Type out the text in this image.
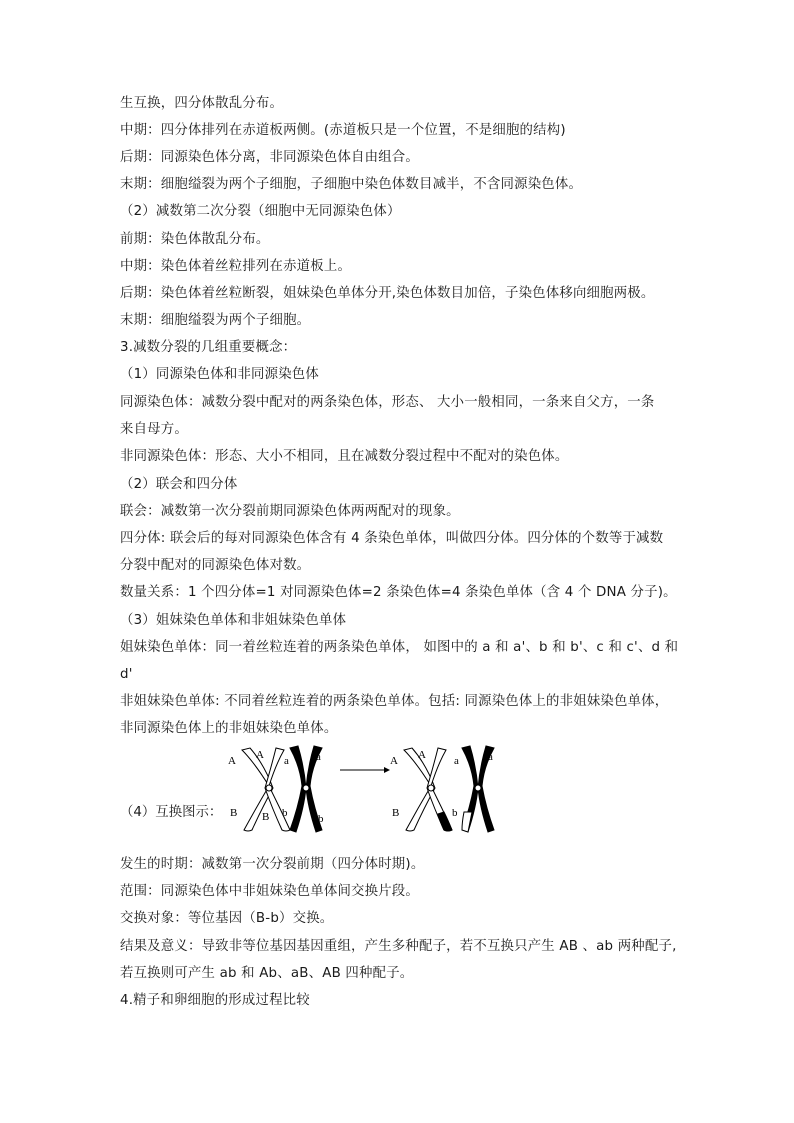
生互换，四分体散乱分布。
中期：四分体排列在赤道板两侧。(赤道板只是一个位置，不是细胞的结构)
后期：同源染色体分离，非同源染色体自由组合。
末期：细胞缢裂为两个子细胞，子细胞中染色体数目减半，不含同源染色体。
（2）减数第二次分裂（细胞中无同源染色体）
前期：染色体散乱分布。
中期：染色体着丝粒排列在赤道板上。
后期：染色体着丝粒断裂，姐妹染色单体分开,染色体数目加倍，子染色体移向细胞两极。
末期：细胞缢裂为两个子细胞。
3.减数分裂的几组重要概念：
（1）同源染色体和非同源染色体
同源染色体：减数分裂中配对的两条染色体，形态、 大小一般相同，一条来自父方，一条
来自母方。
非同源染色体：形态、大小不相同，且在减数分裂过程中不配对的染色体。
（2）联会和四分体
联会：减数第一次分裂前期同源染色体两两配对的现象。
四分体: 联会后的每对同源染色体含有 4 条染色单体，叫做四分体。四分体的个数等于减数
分裂中配对的同源染色体对数。
数量关系：1 个四分体=1 对同源染色体=2 条染色体=4 条染色单体（含 4 个 DNA 分子)。
（3）姐妹染色单体和非姐妹染色单体
姐妹染色单体：同一着丝粒连着的两条染色单体， 如图中的 a 和 a'、b 和 b'、c 和 c'、d 和
d'
非姐妹染色单体: 不同着丝粒连着的两条染色单体。包括: 同源染色体上的非姐妹染色单体，
非同源染色体上的非姐妹染色单体。
（4）互换图示：
A A
B B
a a
b	b
A A
B
a	a
b
发生的时期：减数第一次分裂前期（四分体时期)。
范围：同源染色体中非姐妹染色单体间交换片段。
交换对象：等位基因（B-b）交换。
结果及意义：导致非等位基因基因重组，产生多种配子，若不互换只产生 AB 、ab 两种配子,
若互换则可产生 ab 和 Ab、aB、AB 四种配子。
4.精子和卵细胞的形成过程比较
